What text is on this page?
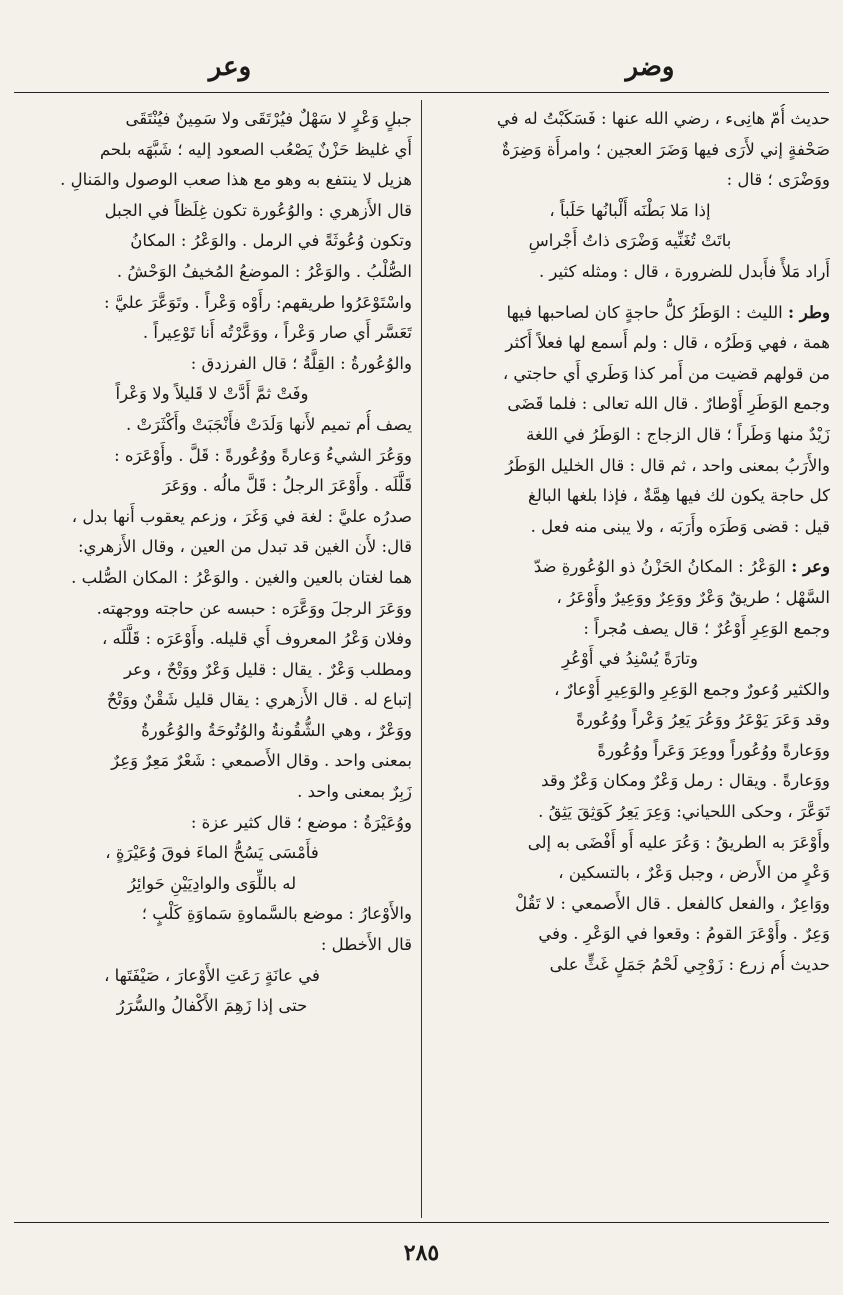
وضر
وعر
حديث أُمّ هانِىء ، رضي الله عنها : فَسَكَبْتُ له في
صَحْفةٍ إني لأَرَى فيها وَضَرَ العجين ؛ وامرأَة وَضِرَةٌ
ووَضْرَى ؛ قال :
إذا مَلا بَطْنَه أَلْبانُها حَلَباً ،
باتَتْ تُغَنِّيه وَضْرَى ذاتُ أَجْراسِ
أَراد مَلأً فأَبدل للضرورة ، قال : ومثله كثير .
وطر : الليث : الوَطَرُ كلُّ حاجةٍ كان لصاحبها فيها
همة ، فهي وَطَرُه ، قال : ولم أَسمع لها فعلاً أَكثر
من قولهم قضيت من أَمر كذا وَطَري أَي حاجتي ،
وجمع الوَطَرِ أَوْطارٌ . قال الله تعالى : فلما قَضَى
زَيْدٌ منها وَطَراً ؛ قال الزجاج : الوَطَرُ في اللغة
والأَرَبُ بمعنى واحد ، ثم قال : قال الخليل الوَطَرُ
كل حاجة يكون لك فيها هِمَّةٌ ، فإذا بلغها البالغ
قيل : قضى وَطَرَه وأَرَبَه ، ولا يبنى منه فعل .
وعر : الوَعْرُ : المكانُ الحَزْنُ ذو الوُعُورةِ ضدّ
السَّهْل ؛ طريقٌ وَعْرٌ ووَعِرٌ ووَعِيرٌ وأَوْعَرُ ،
وجمع الوَعِرِ أَوْعُرٌ ؛ قال يصف مُجراً :
وتارَةً يُسْنِدُ في أَوْعُرِ
والكثير وُعورٌ وجمع الوَعِرِ والوَعِيرِ أَوْعارٌ ،
وقد وَعَرَ يَوْعَرُ ووَعُرَ يَعِرُ وَعْراً ووُعُورةً
ووَعارةً ووُعُوراً ووعِرَ وَعَراً ووُعُورةً
ووَعارةً . ويقال : رمل وَعْرٌ ومكان وَعْرٌ وقد
تَوَعَّرَ ، وحكى اللحياني: وَعِرَ يَعِرُ كَوَثِقَ يَثِقُ .
وأَوْعَرَ به الطريقُ : وَعُرَ عليه أَو أَفْضَى به إلى
وَعْرٍ من الأَرض ، وجبل وَعْرٌ ، بالتسكين ،
ووَاعِرٌ ، والفعل كالفعل . قال الأَصمعي : لا تَقُلْ
وَعِرٌ . وأَوْعَرَ القومُ : وقعوا في الوَعْرِ . وفي
حديث أُم زرع : زَوْجِي لَحْمُ جَمَلٍ غَثٍّ على
جبلٍ وَعْرٍ لا سَهْلٌ فيُرْتَقَى ولا سَمِينٌ فيُنْتَقَى
أَي غليظ حَزْنٌ يَصْعُب الصعود إليه ؛ شَبَّهَه بلحم
هزيل لا ينتفع به وهو مع هذا صعب الوصول والمَنالِ .
قال الأَزهري : والوُعُورة تكون غِلَظاً في الجبل
وتكون وُعُوثَةً في الرمل . والوَعْرُ : المكانُ
الصُّلْبُ . والوَعْرُ : الموضعُ المُخيفُ الوَحْشُ .
واسْتَوْعَرُوا طريقهم: رأَوْه وَعْراً . وتَوَعَّرَ عليَّ :
تَعَسَّر أَي صار وَعْراً ، ووَعَّرْتُه أَنا تَوْعِيراً .
والوُعُورةُ : القِلَّةُ ؛ قال الفرزدق :
وفَتْ ثمَّ أَدَّتْ لا قَليلاً ولا وَعْراً
يصف أُم تميم لأَنها وَلَدَتْ فأَنْجَبَتْ وأَكْثَرَتْ .
ووَعُرَ الشيءُ وَعارةً ووُعُورةً : قَلَّ . وأَوْعَرَه :
قَلَّلَه . وأَوْعَرَ الرجلُ : قَلَّ مالُه . ووَعَرَ
صدرُه عليَّ : لغة في وَغَرَ ، وزعم يعقوب أَنها بدل ،
قال: لأَن الغين قد تبدل من العين ، وقال الأَزهري:
هما لغتان بالعين والغين . والوَعْرُ : المكان الصُّلب .
ووَعَرَ الرجلَ ووَعَّرَه : حبسه عن حاجته ووجهته.
وفلان وَعْرُ المعروف أَي قليله. وأَوْعَرَه : قَلَّلَه ،
ومطلب وَعْرٌ . يقال : قليل وَعْرٌ ووَتْحٌ ، وعر
إتباع له . قال الأَزهري : يقال قليل شَقْنٌ ووَتْحٌ
ووَعْرٌ ، وهي الشُّقُونةُ والوُتُوحَةُ والوُعُورةُ
بمعنى واحد . وقال الأَصمعي : شَعْرٌ مَعِرٌ وَعِرٌ
زَبِرٌ بمعنى واحد .
ووُعَيْرَةُ : موضع ؛ قال كثير عزة :
فأَمْسَى يَسُحُّ الماءَ فوقَ وُعَيْرَةٍ ،
له باللِّوَى والوادِيَيْنِ حَوائِرُ
والأَوْعارُ : موضع بالسَّماوةِ سَماوَةِ كَلْبٍ ؛
قال الأَخطل :
في عانَةٍ رَعَتِ الأَوْعارَ ، صَيْفَتَها ،
حتى إذا زَهِمَ الأَكْفالُ والسُّرَرُ
٢٨٥
